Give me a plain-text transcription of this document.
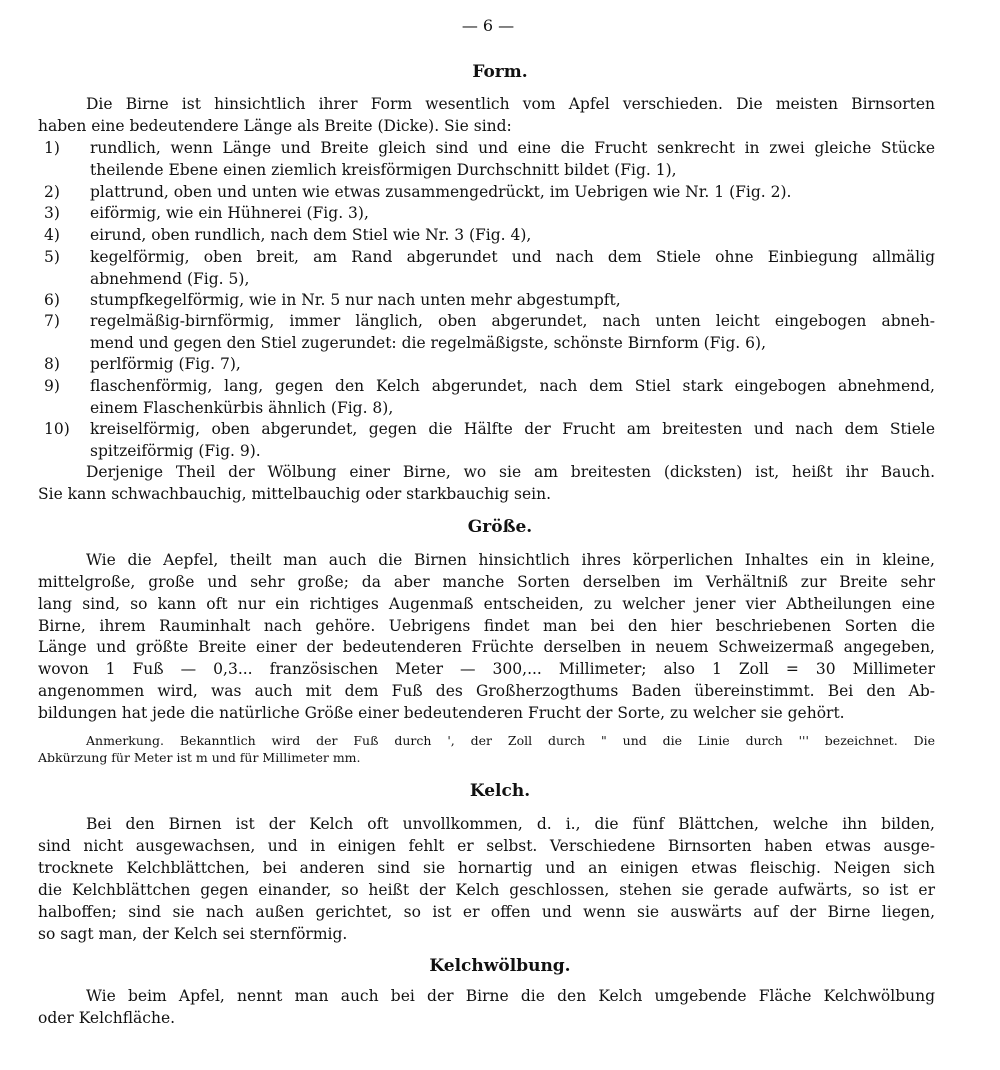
— 6 —
Form.
Die Birne ist hinsichtlich ihrer Form wesentlich vom Apfel verschieden. Die meisten Birnsorten
haben eine bedeutendere Länge als Breite (Dicke). Sie sind:
1)	rundlich, wenn Länge und Breite gleich sind und eine die Frucht senkrecht in zwei gleiche Stücke
theilende Ebene einen ziemlich kreisförmigen Durchschnitt bildet (Fig. 1),
2)	plattrund, oben und unten wie etwas zusammengedrückt, im Uebrigen wie Nr. 1 (Fig. 2).
3)	eiförmig, wie ein Hühnerei (Fig. 3),
4)	eirund, oben rundlich, nach dem Stiel wie Nr. 3 (Fig. 4),
5)	kegelförmig, oben breit, am Rand abgerundet und nach dem Stiele ohne Einbiegung allmälig
abnehmend (Fig. 5),
6)	stumpfkegelförmig, wie in Nr. 5 nur nach unten mehr abgestumpft,
7)	regelmäßig-birnförmig, immer länglich, oben abgerundet, nach unten leicht eingebogen abneh-
mend und gegen den Stiel zugerundet: die regelmäßigste, schönste Birnform (Fig. 6),
8)	perlförmig (Fig. 7),
9)	flaschenförmig, lang, gegen den Kelch abgerundet, nach dem Stiel stark eingebogen abnehmend,
einem Flaschenkürbis ähnlich (Fig. 8),
10)	kreiselförmig, oben abgerundet, gegen die Hälfte der Frucht am breitesten und nach dem Stiele
spitzeiförmig (Fig. 9).
Derjenige Theil der Wölbung einer Birne, wo sie am breitesten (dicksten) ist, heißt ihr Bauch.
Sie kann schwachbauchig, mittelbauchig oder starkbauchig sein.
Größe.
Wie die Aepfel, theilt man auch die Birnen hinsichtlich ihres körperlichen Inhaltes ein in kleine,
mittelgroße, große und sehr große; da aber manche Sorten derselben im Verhältniß zur Breite sehr
lang sind, so kann oft nur ein richtiges Augenmaß entscheiden, zu welcher jener vier Abtheilungen eine
Birne, ihrem Rauminhalt nach gehöre. Uebrigens findet man bei den hier beschriebenen Sorten die
Länge und größte Breite einer der bedeutenderen Früchte derselben in neuem Schweizermaß angegeben,
wovon 1 Fuß — 0,3... französischen Meter — 300,... Millimeter; also 1 Zoll = 30 Millimeter
angenommen wird, was auch mit dem Fuß des Großherzogthums Baden übereinstimmt. Bei den Ab-
bildungen hat jede die natürliche Größe einer bedeutenderen Frucht der Sorte, zu welcher sie gehört.
Anmerkung. Bekanntlich wird der Fuß durch ', der Zoll durch " und die Linie durch ''' bezeichnet. Die
Abkürzung für Meter ist m und für Millimeter mm.
Kelch.
Bei den Birnen ist der Kelch oft unvollkommen, d. i., die fünf Blättchen, welche ihn bilden,
sind nicht ausgewachsen, und in einigen fehlt er selbst. Verschiedene Birnsorten haben etwas ausge-
trocknete Kelchblättchen, bei anderen sind sie hornartig und an einigen etwas fleischig. Neigen sich
die Kelchblättchen gegen einander, so heißt der Kelch geschlossen, stehen sie gerade aufwärts, so ist er
halboffen; sind sie nach außen gerichtet, so ist er offen und wenn sie auswärts auf der Birne liegen,
so sagt man, der Kelch sei sternförmig.
Kelchwölbung.
Wie beim Apfel, nennt man auch bei der Birne die den Kelch umgebende Fläche Kelchwölbung
oder Kelchfläche.
